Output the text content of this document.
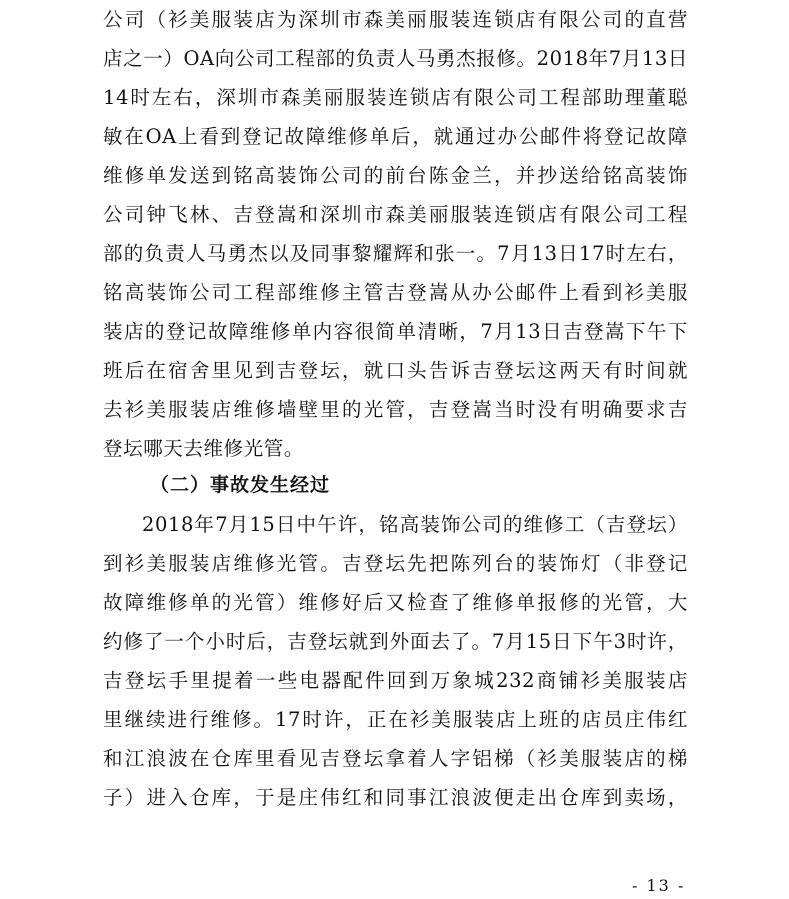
公司（衫美服装店为深圳市森美丽服装连锁店有限公司的直营
店之一）OA向公司工程部的负责人马勇杰报修。2018年7月13日
14时左右，深圳市森美丽服装连锁店有限公司工程部助理董聪
敏在OA上看到登记故障维修单后，就通过办公邮件将登记故障
维修单发送到铭高装饰公司的前台陈金兰，并抄送给铭高装饰
公司钟飞林、吉登嵩和深圳市森美丽服装连锁店有限公司工程
部的负责人马勇杰以及同事黎耀辉和张一。7月13日17时左右，
铭高装饰公司工程部维修主管吉登嵩从办公邮件上看到衫美服
装店的登记故障维修单内容很简单清晰，7月13日吉登嵩下午下
班后在宿舍里见到吉登坛，就口头告诉吉登坛这两天有时间就
去衫美服装店维修墙壁里的光管，吉登嵩当时没有明确要求吉
登坛哪天去维修光管。
（二）事故发生经过
2018年7月15日中午许，铭高装饰公司的维修工（吉登坛）
到衫美服装店维修光管。吉登坛先把陈列台的装饰灯（非登记
故障维修单的光管）维修好后又检查了维修单报修的光管，大
约修了一个小时后，吉登坛就到外面去了。7月15日下午3时许，
吉登坛手里提着一些电器配件回到万象城232商铺衫美服装店
里继续进行维修。17时许，正在衫美服装店上班的店员庄伟红
和江浪波在仓库里看见吉登坛拿着人字铝梯（衫美服装店的梯
子）进入仓库，于是庄伟红和同事江浪波便走出仓库到卖场，
- 13 -
